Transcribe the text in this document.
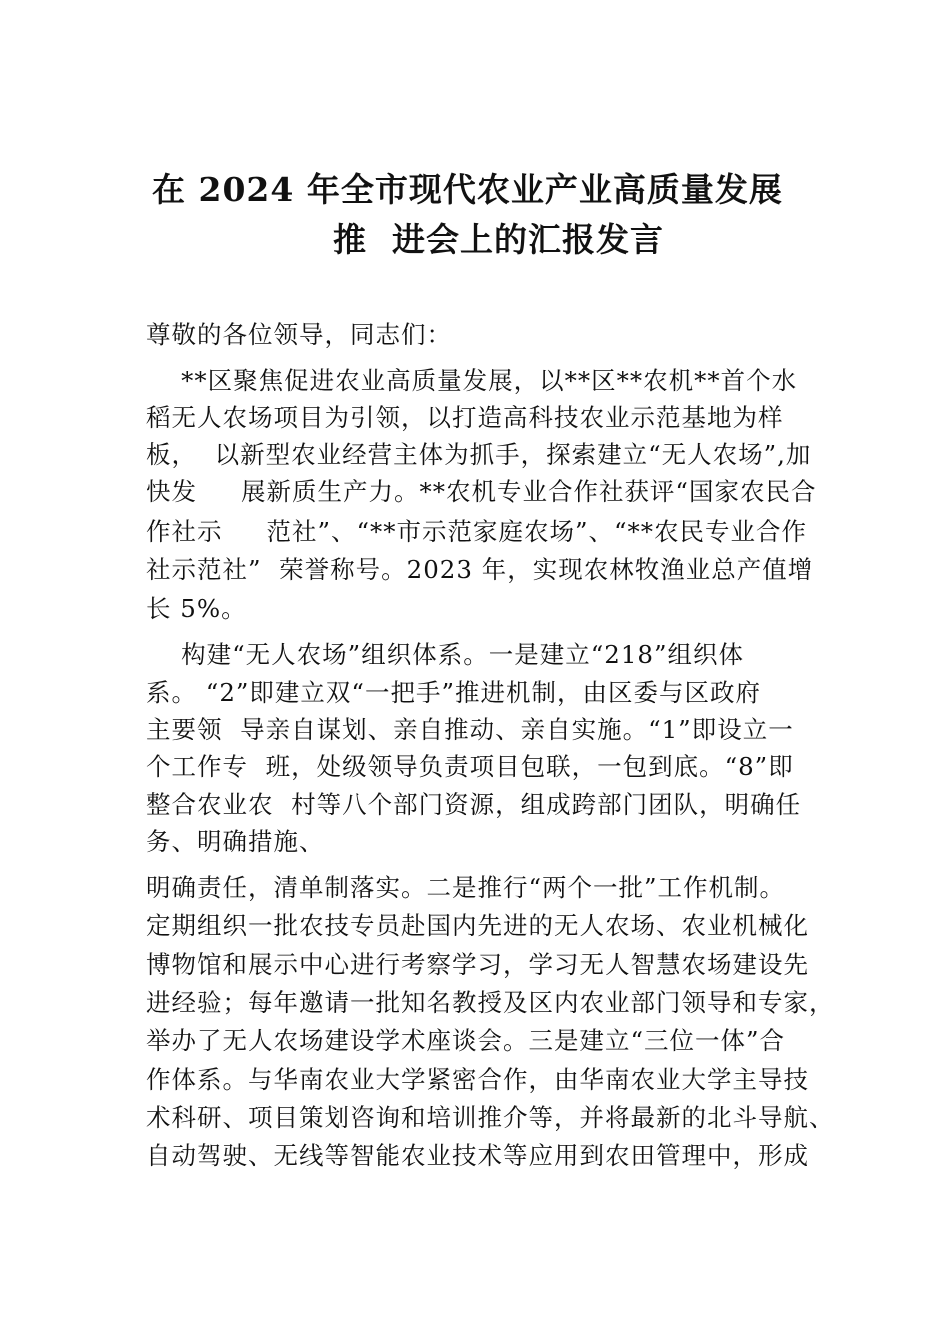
在 2024 年全市现代农业产业高质量发展
推  进会上的汇报发言
尊敬的各位领导，同志们：
**区聚焦促进农业高质量发展，以**区**农机**首个水
稻无人农场项目为引领，以打造高科技农业示范基地为样
板，  以新型农业经营主体为抓手，探索建立“无人农场”,加
快发     展新质生产力。**农机专业合作社获评“国家农民合
作社示     范社”、“**市示范家庭农场”、“**农民专业合作
社示范社”  荣誉称号。2023 年，实现农林牧渔业总产值增
长 5%。
构建“无人农场”组织体系。一是建立“218”组织体
系。 “2”即建立双“一把手”推进机制，由区委与区政府
主要领  导亲自谋划、亲自推动、亲自实施。“1”即设立一
个工作专  班，处级领导负责项目包联，一包到底。“8”即
整合农业农  村等八个部门资源，组成跨部门团队，明确任
务、明确措施、
明确责任，清单制落实。二是推行“两个一批”工作机制。
定期组织一批农技专员赴国内先进的无人农场、农业机械化
博物馆和展示中心进行考察学习，学习无人智慧农场建设先
进经验；每年邀请一批知名教授及区内农业部门领导和专家，
举办了无人农场建设学术座谈会。三是建立“三位一体”合
作体系。与华南农业大学紧密合作，由华南农业大学主导技
术科研、项目策划咨询和培训推介等，并将最新的北斗导航、
自动驾驶、无线等智能农业技术等应用到农田管理中，形成
